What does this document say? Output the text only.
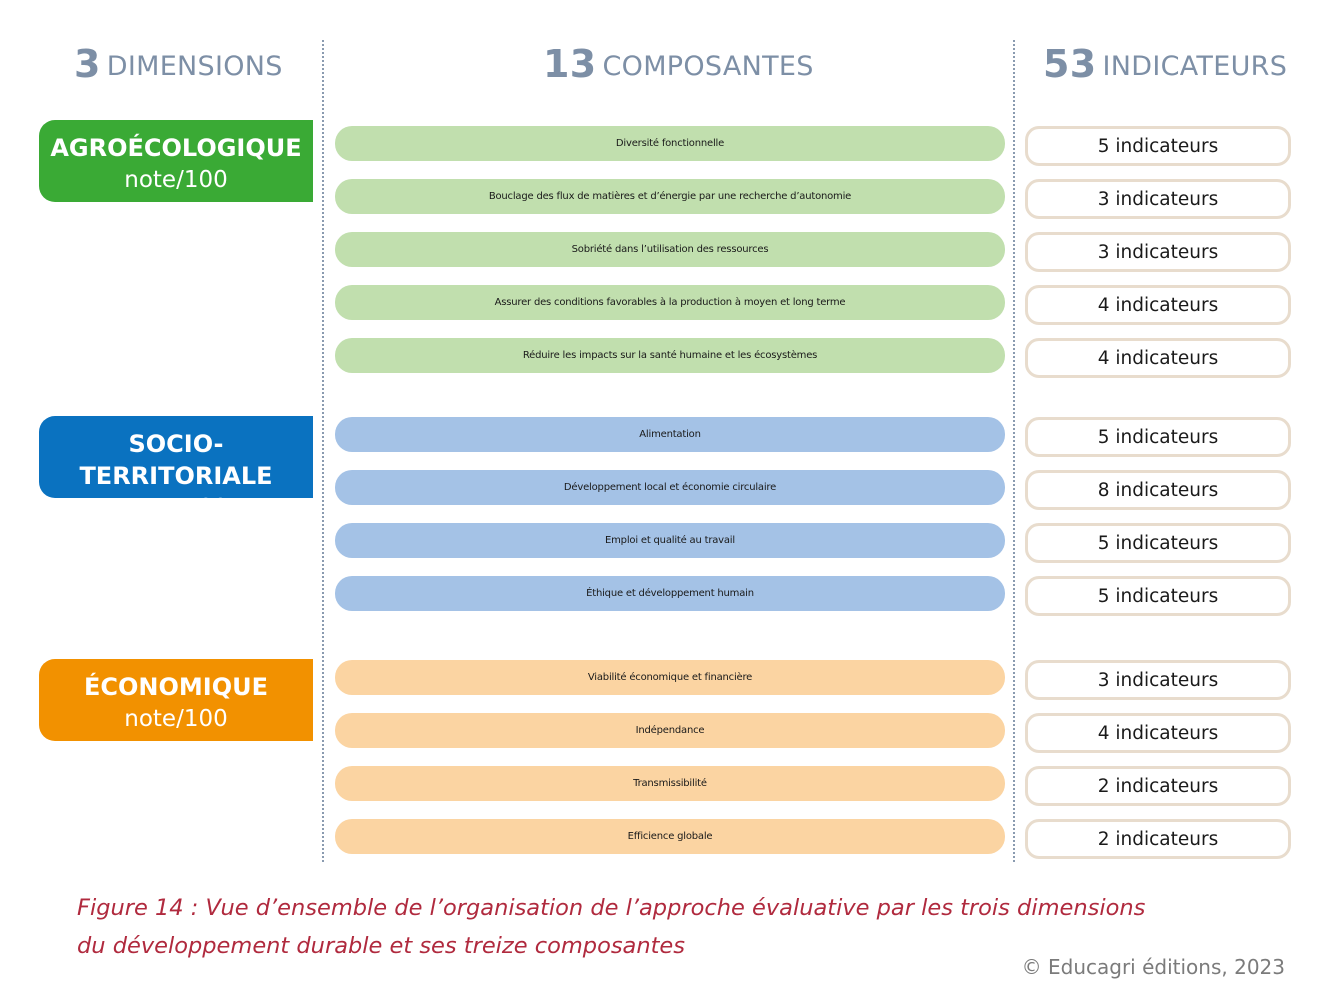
3 DIMENSIONS	13 COMPOSANTES	53 INDICATEURS
AGROÉCOLOGIQUE
note/100
SOCIO-TERRITORIALE
note/100
ÉCONOMIQUE
note/100
Diversité fonctionnelle
Bouclage des flux de matières et d’énergie par une recherche d’autonomie
Sobriété dans l’utilisation des ressources
Assurer des conditions favorables à la production à moyen et long terme
Réduire les impacts sur la santé humaine et les écosystèmes
Alimentation
Développement local et économie circulaire
Emploi et qualité au travail
Éthique et développement humain
Viabilité économique et financière
Indépendance
Transmissibilité
Efficience globale
5 indicateurs
3 indicateurs
3 indicateurs
4 indicateurs
4 indicateurs
5 indicateurs
8 indicateurs
5 indicateurs
5 indicateurs
3 indicateurs
4 indicateurs
2 indicateurs
2 indicateurs
Figure 14 : Vue d’ensemble de l’organisation de l’approche évaluative par les trois dimensions
du développement durable et ses treize composantes
© Educagri éditions, 2023
